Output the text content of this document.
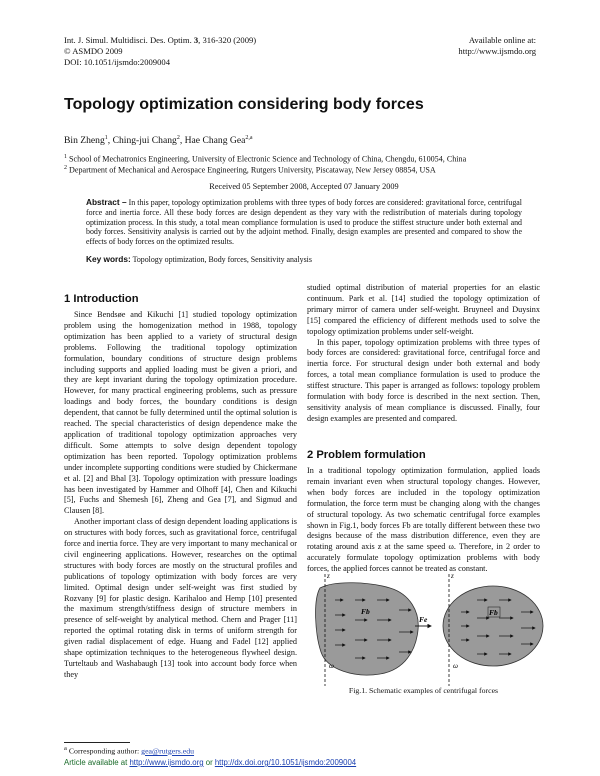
Int. J. Simul. Multidisci. Des. Optim. 3, 316-320 (2009)
© ASMDO 2009
DOI: 10.1051/ijsmdo:2009004
Available online at:
http://www.ijsmdo.org
Topology optimization considering body forces
Bin Zheng$^1$, Ching-jui Chang$^2$, Hae Chang Gea$^{2,a}$
$^1$ School of Mechatronics Engineering, University of Electronic Science and Technology of China, Chengdu, 610054, China
$^2$ Department of Mechanical and Aerospace Engineering, Rutgers University, Piscataway, New Jersey 08854, USA
Received 05 September 2008, Accepted 07 January 2009
Abstract – In this paper, topology optimization problems with three types of body forces are considered: gravitational force, centrifugal force and inertia force. All these body forces are design dependent as they vary with the redistribution of materials during topology optimization process. In this study, a total mean compliance formulation is used to produce the stiffest structure under both external and body forces. Sensitivity analysis is carried out by the adjoint method. Finally, design examples are presented and compared to show the effects of body forces on the optimized results.
Key words: Topology optimization, Body forces, Sensitivity analysis
1 Introduction

Since Bendsøe and Kikuchi [1] studied topology optimization problem using the homogenization method in 1988, topology optimization has been applied to a variety of structural design problems. Following the traditional topology optimization formulation, boundary conditions of structure design problems including supports and applied loading must be given a priori, and they are kept invariant during the topology optimization procedure. However, for many practical engineering problems, such as pressure loadings and body forces, the boundary conditions is design dependent, that cannot be fully determined until the optimal solution is reached. The special characteristics of design dependence make the application of traditional topology optimization approaches very difficult. Some attempts to solve design dependent topology optimization has been reported. Topology optimization problems under incomplete supporting conditions were studied by Chickermane et al. [2] and Bhal [3]. Topology optimization with pressure loadings has been investigated by Hammer and Olhoff [4], Chen and Kikuchi [5], Fuchs and Shemesh [6], Zheng and Gea [7], and Sigmud and Clausen [8].

Another important class of design dependent loading applications is on structures with body forces, such as gravitational force, centrifugal force and inertia force. They are very important to many mechanical or civil engineering applications. However, researches on the optimal structures with body forces are mostly on the structural profiles and publications of topology optimization with body forces are very limited. Optimal design under self-weight was first studied by Rozvany [9] for plastic design. Karihaloo and Hemp [10] presented the maximum strength/stiffness design of structure members in presence of self-weight by analytical method. Chern and Prager [11] reported the optimal rotating disk in terms of uniform strength for given radial displacement of edge. Huang and Fadel [12] applied shape optimization techniques to the heterogeneous flywheel design. Turteltaub and Washabaugh [13] took into account body force when they

studied optimal distribution of material properties for an elastic continuum. Park et al. [14] studied the topology optimization of primary mirror of camera under self-weight. Bruyneel and Duysinx [15] compared the efficiency of different methods used to solve the topology optimization problems under self-weight.

In this paper, topology optimization problems with three types of body forces are considered: gravitational force, centrifugal force and inertia force. For structural design under both external and body forces, a total mean compliance formulation is used to produce the stiffest structure. This paper is arranged as follows: topology problem formulation with body force is described in the next section. Then, sensitivity analysis of mean compliance is discussed. Finally, four design examples are presented and compared.

2 Problem formulation

In a traditional topology optimization formulation, applied loads remain invariant even when structural topology changes. However, when body forces are included in the topology optimization formulation, the force term must be changing along with the changes of structural topology. As two schematic centrifugal force examples shown in Fig.1, body forces Fb are totally different between these two designs because of the mass distribution difference, even they are rotating around axis z at the same speed ω. Therefore, in 2 order to accurately formulate topology optimization problems with body forces, the applied forces cannot be treated as constant.

z
ω
Fb
Fe
z
ω
Fb
Fig.1. Schematic examples of centrifugal forces
$^a$ Corresponding author: gea@rutgers.edu
Article available at http://www.ijsmdo.org or http://dx.doi.org/10.1051/ijsmdo:2009004
